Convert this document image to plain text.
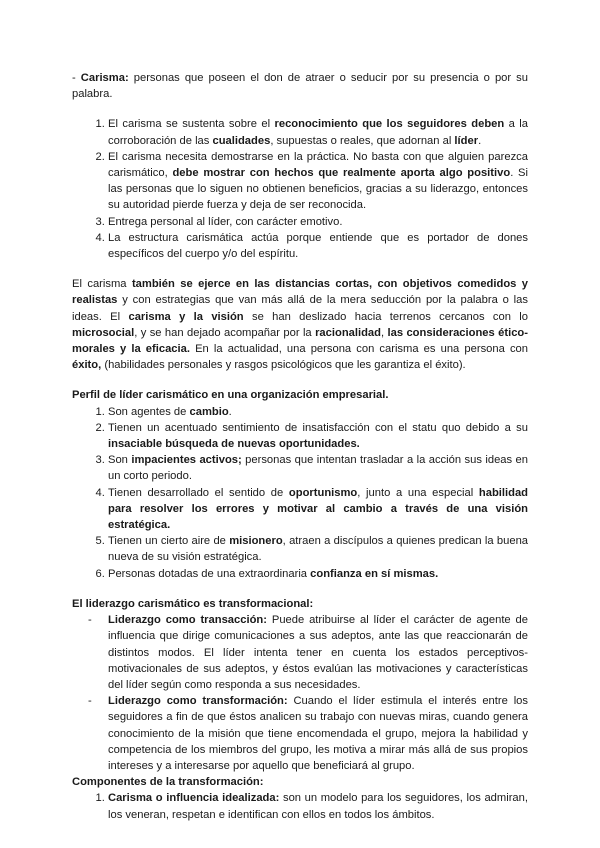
- Carisma: personas que poseen el don de atraer o seducir por su presencia o por su palabra.

1. El carisma se sustenta sobre el reconocimiento que los seguidores deben a la corroboración de las cualidades, supuestas o reales, que adornan al líder.
2. El carisma necesita demostrarse en la práctica. No basta con que alguien parezca carismático, debe mostrar con hechos que realmente aporta algo positivo. Si las personas que lo siguen no obtienen beneficios, gracias a su liderazgo, entonces su autoridad pierde fuerza y deja de ser reconocida.
3. Entrega personal al líder, con carácter emotivo.
4. La estructura carismática actúa porque entiende que es portador de dones específicos del cuerpo y/o del espíritu.

El carisma también se ejerce en las distancias cortas, con objetivos comedidos y realistas y con estrategias que van más allá de la mera seducción por la palabra o las ideas. El carisma y la visión se han deslizado hacia terrenos cercanos con lo microsocial, y se han dejado acompañar por la racionalidad, las consideraciones ético-morales y la eficacia. En la actualidad, una persona con carisma es una persona con éxito, (habilidades personales y rasgos psicológicos que les garantiza el éxito).

Perfil de líder carismático en una organización empresarial.

1. Son agentes de cambio.
2. Tienen un acentuado sentimiento de insatisfacción con el statu quo debido a su insaciable búsqueda de nuevas oportunidades.
3. Son impacientes activos; personas que intentan trasladar a la acción sus ideas en un corto periodo.
4. Tienen desarrollado el sentido de oportunismo, junto a una especial habilidad para resolver los errores y motivar al cambio a través de una visión estratégica.
5. Tienen un cierto aire de misionero, atraen a discípulos a quienes predican la buena nueva de su visión estratégica.
6. Personas dotadas de una extraordinaria confianza en sí mismas.

El liderazgo carismático es transformacional:

- Liderazgo como transacción: Puede atribuirse al líder el carácter de agente de influencia que dirige comunicaciones a sus adeptos, ante las que reaccionarán de distintos modos. El líder intenta tener en cuenta los estados perceptivos-motivacionales de sus adeptos, y éstos evalúan las motivaciones y características del líder según como responda a sus necesidades.
- Liderazgo como transformación: Cuando el líder estimula el interés entre los seguidores a fin de que éstos analicen su trabajo con nuevas miras, cuando genera conocimiento de la misión que tiene encomendada el grupo, mejora la habilidad y competencia de los miembros del grupo, les motiva a mirar más allá de sus propios intereses y a interesarse por aquello que beneficiará al grupo.

Componentes de la transformación:

1. Carisma o influencia idealizada: son un modelo para los seguidores, los admiran, los veneran, respetan e identifican con ellos en todos los ámbitos.
